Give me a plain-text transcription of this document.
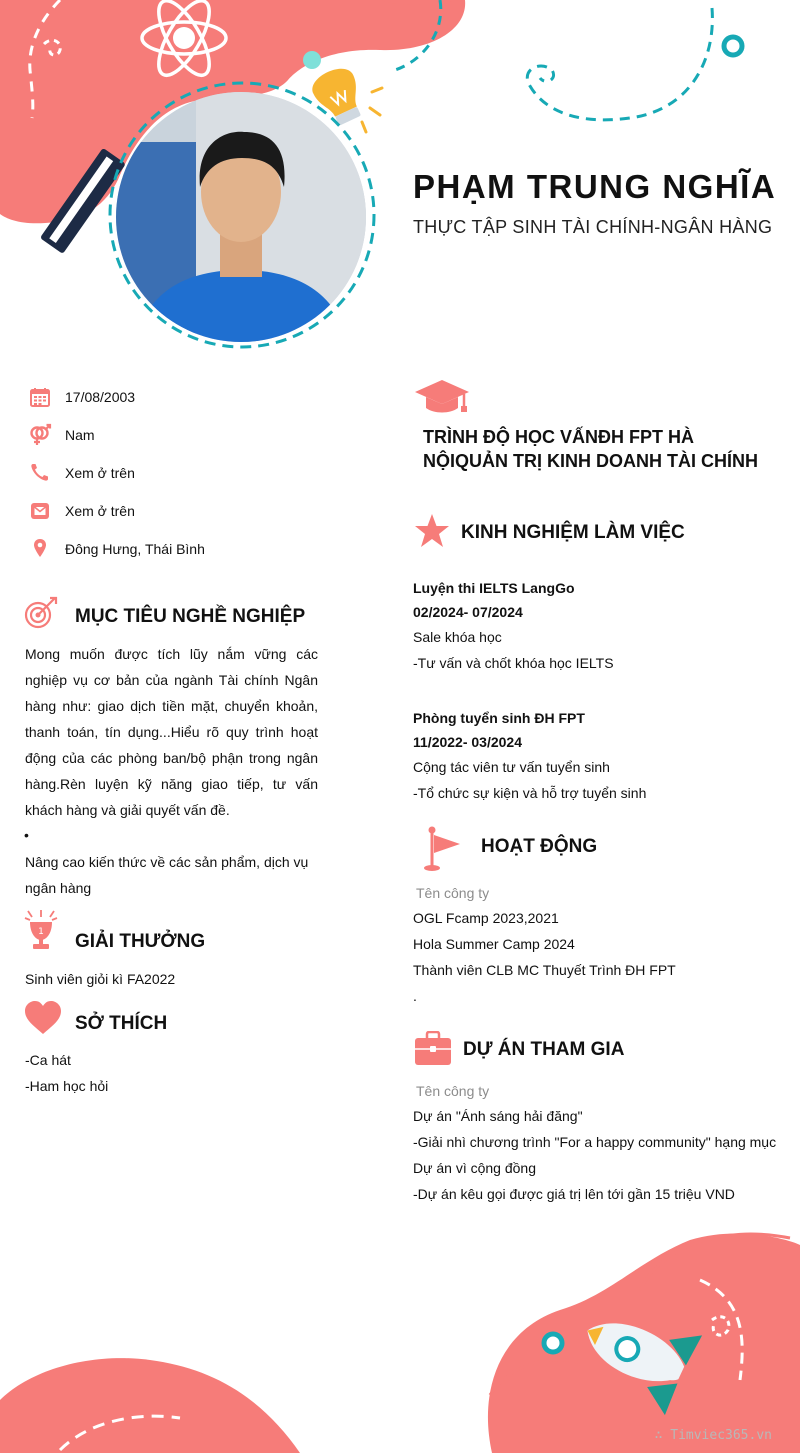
PHẠM TRUNG NGHĨA
THỰC TẬP SINH TÀI CHÍNH-NGÂN HÀNG
17/08/2003
Nam
Xem ở trên
Xem ở trên
Đông Hưng, Thái Bình
MỤC TIÊU NGHỀ NGHIỆP
Mong muốn được tích lũy nắm vững các nghiệp vụ cơ bản của ngành Tài chính Ngân hàng như: giao dịch tiền mặt, chuyển khoản, thanh toán, tín dụng...Hiểu rõ quy trình hoạt động của các phòng ban/bộ phận trong ngân hàng.Rèn luyện kỹ năng giao tiếp, tư vấn khách hàng và giải quyết vấn đề.
•
Nâng cao kiến thức về các sản phẩm, dịch vụ ngân hàng
1 GIẢI THƯỞNG
Sinh viên giỏi kì FA2022
SỞ THÍCH
-Ca hát
-Ham học hỏi
TRÌNH ĐỘ HỌC VẤNĐH FPT HÀ NỘIQUẢN TRỊ KINH DOANH TÀI CHÍNH
KINH NGHIỆM LÀM VIỆC
Luyện thi IELTS LangGo
02/2024- 07/2024
Sale khóa học
-Tư vấn và chốt khóa học IELTS
Phòng tuyển sinh ĐH FPT
11/2022- 03/2024
Cộng tác viên tư vấn tuyển sinh
-Tổ chức sự kiện và hỗ trợ tuyển sinh
HOẠT ĐỘNG
Tên công ty
OGL Fcamp 2023,2021
Hola Summer Camp 2024
Thành viên CLB MC Thuyết Trình ĐH FPT
.
DỰ ÁN THAM GIA
Tên công ty
Dự án "Ánh sáng hải đăng"
-Giải nhì chương trình "For a happy community" hạng mục
Dự án vì cộng đồng
-Dự án kêu gọi được giá trị lên tới gần 15 triệu VND
∴ Timviec365.vn
